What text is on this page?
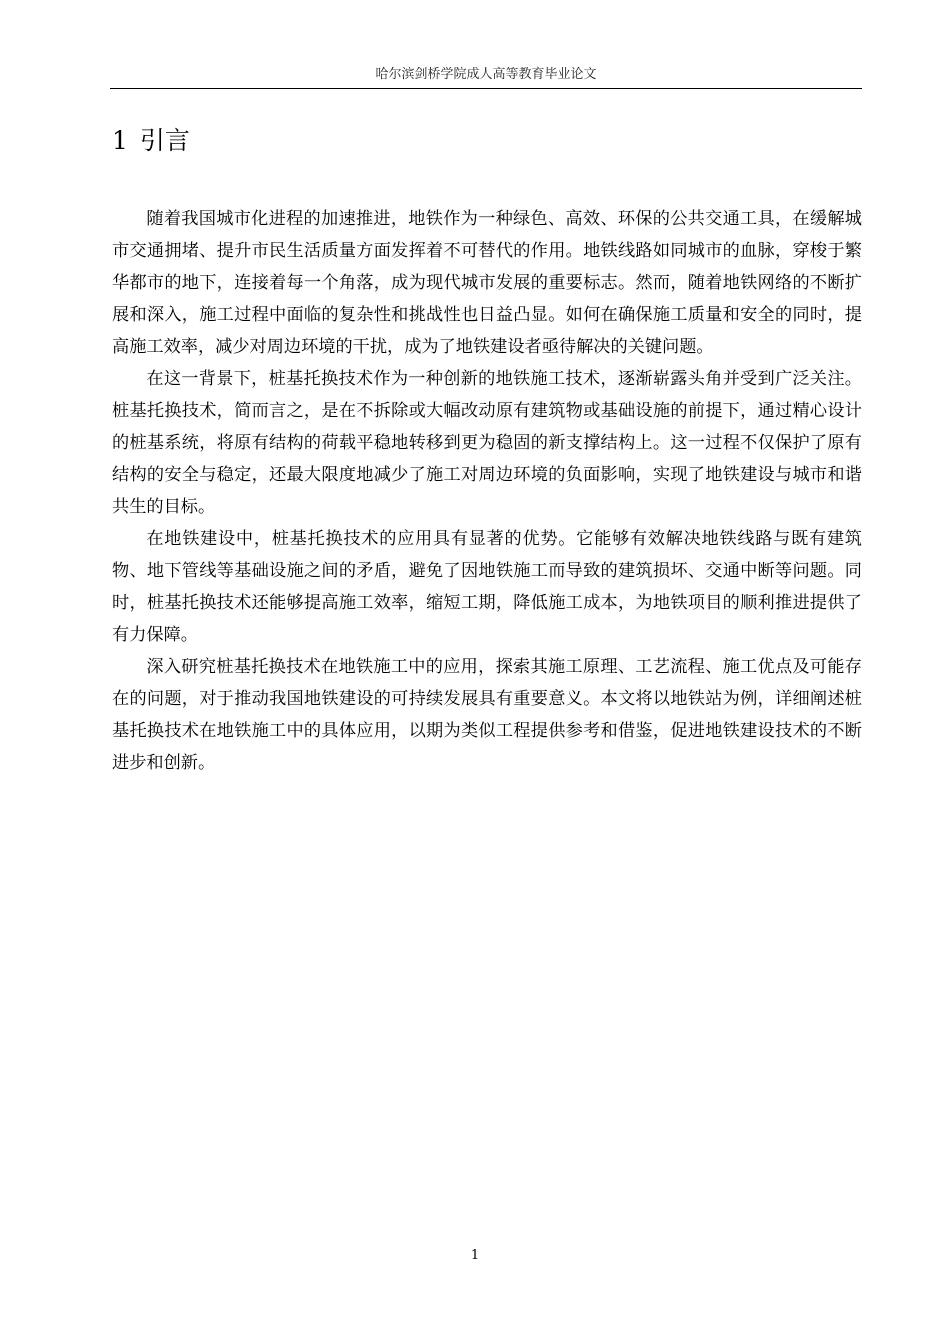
哈尔滨剑桥学院成人高等教育毕业论文
1 引言

随着我国城市化进程的加速推进，地铁作为一种绿色、高效、环保的公共交通工具，在缓解城市交通拥堵、提升市民生活质量方面发挥着不可替代的作用。地铁线路如同城市的血脉，穿梭于繁华都市的地下，连接着每一个角落，成为现代城市发展的重要标志。然而，随着地铁网络的不断扩展和深入，施工过程中面临的复杂性和挑战性也日益凸显。如何在确保施工质量和安全的同时，提高施工效率，减少对周边环境的干扰，成为了地铁建设者亟待解决的关键问题。

在这一背景下，桩基托换技术作为一种创新的地铁施工技术，逐渐崭露头角并受到广泛关注。桩基托换技术，简而言之，是在不拆除或大幅改动原有建筑物或基础设施的前提下，通过精心设计的桩基系统，将原有结构的荷载平稳地转移到更为稳固的新支撑结构上。这一过程不仅保护了原有结构的安全与稳定，还最大限度地减少了施工对周边环境的负面影响，实现了地铁建设与城市和谐共生的目标。

在地铁建设中，桩基托换技术的应用具有显著的优势。它能够有效解决地铁线路与既有建筑物、地下管线等基础设施之间的矛盾，避免了因地铁施工而导致的建筑损坏、交通中断等问题。同时，桩基托换技术还能够提高施工效率，缩短工期，降低施工成本，为地铁项目的顺利推进提供了有力保障。

深入研究桩基托换技术在地铁施工中的应用，探索其施工原理、工艺流程、施工优点及可能存在的问题，对于推动我国地铁建设的可持续发展具有重要意义。本文将以地铁站为例，详细阐述桩基托换技术在地铁施工中的具体应用，以期为类似工程提供参考和借鉴，促进地铁建设技术的不断进步和创新。

1
